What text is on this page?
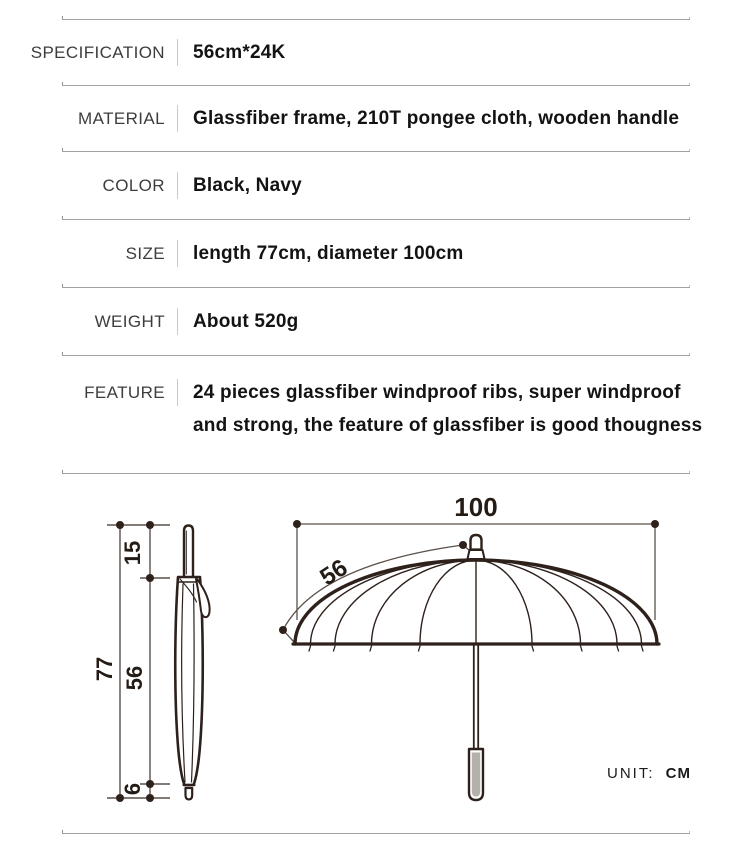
SPECIFICATION 56cm*24K
MATERIAL Glassfiber frame, 210T pongee cloth, wooden handle
COLOR Black, Navy
SIZE length 77cm, diameter 100cm
WEIGHT About 520g
FEATURE 24 pieces glassfiber windproof ribs, super windproof
and strong, the feature of glassfiber is good thougness
15
77 56
6
100
56
UNIT: CM
